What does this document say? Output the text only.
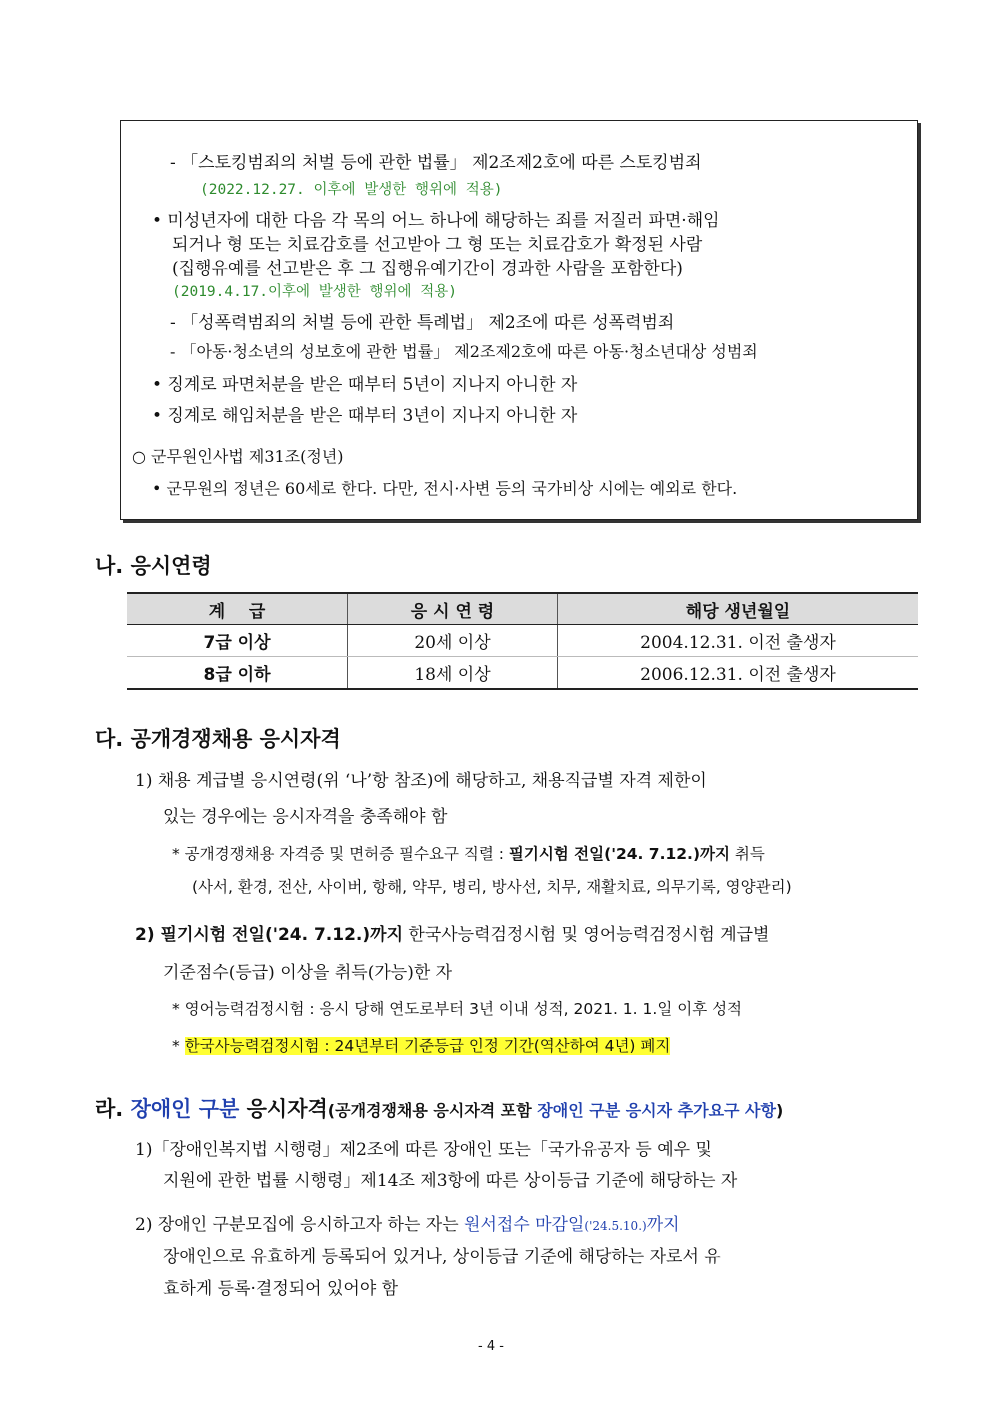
- 「스토킹범죄의 처벌 등에 관한 법률」 제2조제2호에 따른 스토킹범죄
(2022.12.27. 이후에 발생한 행위에 적용)
• 미성년자에 대한 다음 각 목의 어느 하나에 해당하는 죄를 저질러 파면·해임
되거나 형 또는 치료감호를 선고받아 그 형 또는 치료감호가 확정된 사람
(집행유예를 선고받은 후 그 집행유예기간이 경과한 사람을 포함한다)
(2019.4.17.이후에 발생한 행위에 적용)
- 「성폭력범죄의 처벌 등에 관한 특례법」 제2조에 따른 성폭력범죄
- 「아동·청소년의 성보호에 관한 법률」 제2조제2호에 따른 아동·청소년대상 성범죄
• 징계로 파면처분을 받은 때부터 5년이 지나지 아니한 자
• 징계로 해임처분을 받은 때부터 3년이 지나지 아니한 자
○ 군무원인사법 제31조(정년)
• 군무원의 정년은 60세로 한다. 다만, 전시·사변 등의 국가비상 시에는 예외로 한다.
나. 응시연령
계    급	응 시 연 령	해당 생년월일
7급 이상	20세 이상	2004.12.31. 이전 출생자
8급 이하	18세 이상	2006.12.31. 이전 출생자
다. 공개경쟁채용 응시자격
1) 채용 계급별 응시연령(위 ‘나’항 참조)에 해당하고, 채용직급별 자격 제한이
있는 경우에는 응시자격을 충족해야 함
* 공개경쟁채용 자격증 및 면허증 필수요구 직렬 : 필기시험 전일('24. 7.12.)까지 취득
(사서, 환경, 전산, 사이버, 항해, 약무, 병리, 방사선, 치무, 재활치료, 의무기록, 영양관리)
2) 필기시험 전일('24. 7.12.)까지 한국사능력검정시험 및 영어능력검정시험 계급별
기준점수(등급) 이상을 취득(가능)한 자
* 영어능력검정시험 : 응시 당해 연도로부터 3년 이내 성적, 2021. 1. 1.일 이후 성적
* 한국사능력검정시험 : 24년부터 기준등급 인정 기간(역산하여 4년) 폐지
라. 장애인 구분 응시자격(공개경쟁채용 응시자격 포함 장애인 구분 응시자 추가요구 사항)
1)「장애인복지법 시행령」제2조에 따른 장애인 또는「국가유공자 등 예우 및
지원에 관한 법률 시행령」제14조 제3항에 따른 상이등급 기준에 해당하는 자
2) 장애인 구분모집에 응시하고자 하는 자는 원서접수 마감일('24.5.10.)까지
장애인으로 유효하게 등록되어 있거나, 상이등급 기준에 해당하는 자로서 유
효하게 등록·결정되어 있어야 함
- 4 -
